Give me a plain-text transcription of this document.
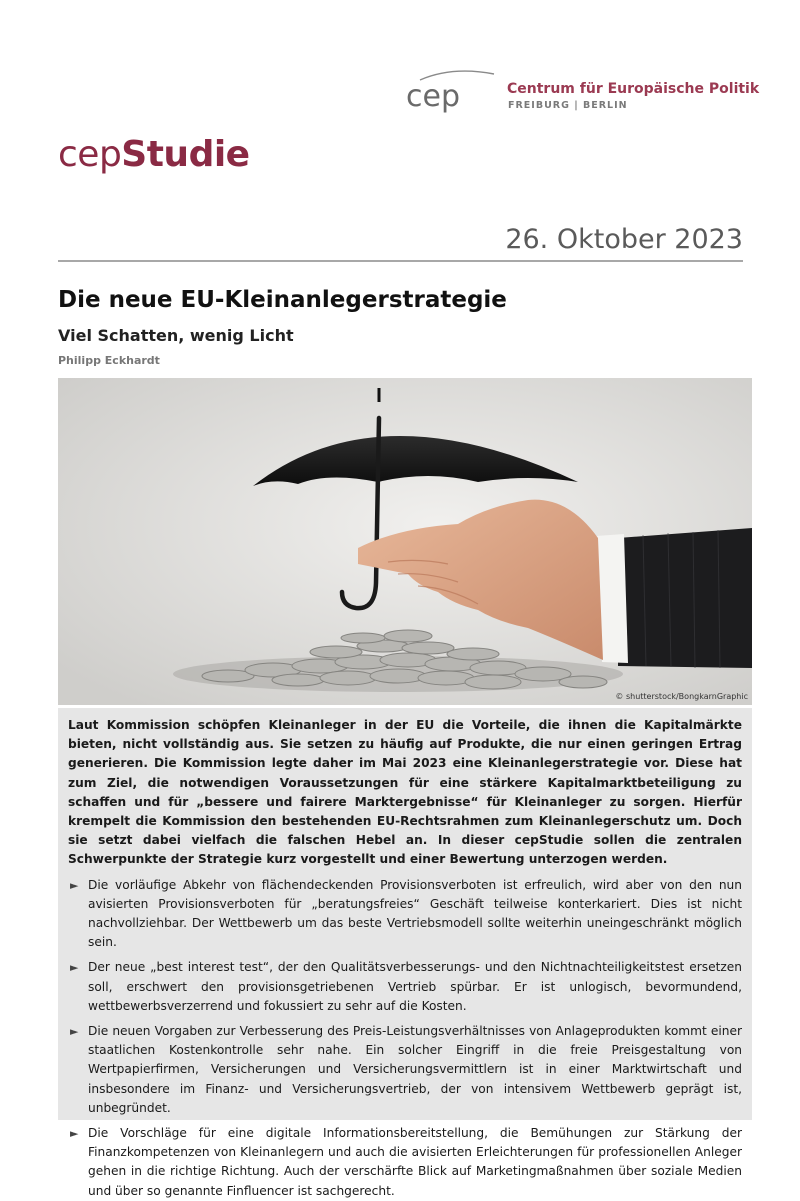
cep	Centrum für Europäische Politik
FREIBURG | BERLIN
cepStudie
26. Oktober 2023
Die neue EU-Kleinanlegerstrategie
Viel Schatten, wenig Licht
Philipp Eckhardt
© shutterstock/BongkarnGraphic

Laut Kommission schöpfen Kleinanleger in der EU die Vorteile, die ihnen die Kapitalmärkte bieten, nicht vollständig aus. Sie setzen zu häufig auf Produkte, die nur einen geringen Ertrag generieren. Die Kommission legte daher im Mai 2023 eine Kleinanlegerstrategie vor. Diese hat zum Ziel, die notwendigen Voraussetzungen für eine stärkere Kapitalmarktbeteiligung zu schaffen und für „bessere und fairere Marktergebnisse“ für Kleinanleger zu sorgen. Hierfür krempelt die Kommission den bestehenden EU-Rechtsrahmen zum Kleinanlegerschutz um. Doch sie setzt dabei vielfach die falschen Hebel an. In dieser cepStudie sollen die zentralen Schwerpunkte der Strategie kurz vorgestellt und einer Bewertung unterzogen werden.

► Die vorläufige Abkehr von flächendeckenden Provisionsverboten ist erfreulich, wird aber von den nun avisierten Provisionsverboten für „beratungsfreies“ Geschäft teilweise konterkariert. Dies ist nicht nachvollziehbar. Der Wettbewerb um das beste Vertriebsmodell sollte weiterhin uneingeschränkt möglich sein.
► Der neue „best interest test“, der den Qualitätsverbesserungs- und den Nichtnachteiligkeitstest ersetzen soll, erschwert den provisionsgetriebenen Vertrieb spürbar. Er ist unlogisch, bevormundend, wettbewerbsverzerrend und fokussiert zu sehr auf die Kosten.
► Die neuen Vorgaben zur Verbesserung des Preis-Leistungsverhältnisses von Anlageprodukten kommt einer staatlichen Kostenkontrolle sehr nahe. Ein solcher Eingriff in die freie Preisgestaltung von Wertpapierfirmen, Versicherungen und Versicherungsvermittlern ist in einer Marktwirtschaft und insbesondere im Finanz- und Versicherungsvertrieb, der von intensivem Wettbewerb geprägt ist, unbegründet.
► Die Vorschläge für eine digitale Informationsbereitstellung, die Bemühungen zur Stärkung der Finanzkompetenzen von Kleinanlegern und auch die avisierten Erleichterungen für professionellen Anleger gehen in die richtige Richtung. Auch der verschärfte Blick auf Marketingmaßnahmen über soziale Medien und über so genannte Finfluencer ist sachgerecht.
